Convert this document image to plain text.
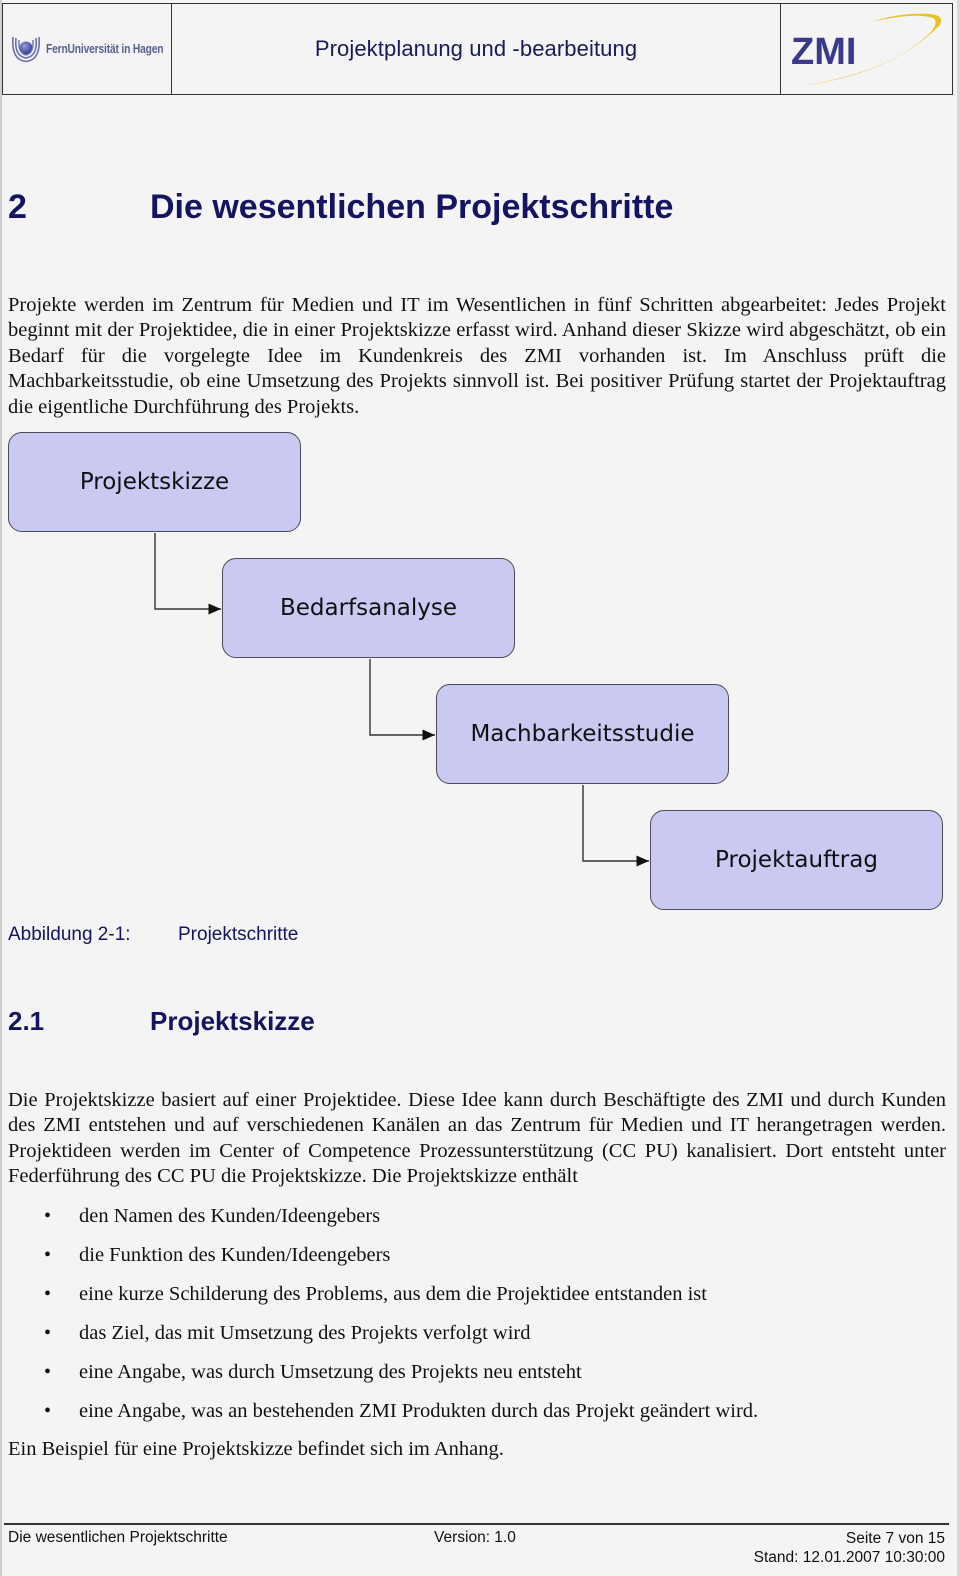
FernUniversität in Hagen	Projektplanung und -bearbeitung	ZMI
2	Die wesentlichen Projektschritte
Projekte werden im Zentrum für Medien und IT im Wesentlichen in fünf Schritten abgearbeitet: Jedes Projekt beginnt mit der Projektidee, die in einer Projektskizze erfasst wird. Anhand dieser Skizze wird abgeschätzt, ob ein Bedarf für die vorgelegte Idee im Kundenkreis des ZMI vorhanden ist. Im Anschluss prüft die Machbarkeitsstudie, ob eine Umsetzung des Projekts sinnvoll ist. Bei positiver Prüfung startet der Projektauftrag die eigentliche Durchführung des Projekts.
Projektskizze
Bedarfsanalyse
Machbarkeitsstudie
Projektauftrag
Abbildung 2-1:	Projektschritte
2.1	Projektskizze
Die Projektskizze basiert auf einer Projektidee. Diese Idee kann durch Beschäftigte des ZMI und durch Kunden des ZMI entstehen und auf verschiedenen Kanälen an das Zentrum für Medien und IT herangetragen werden. Projektideen werden im Center of Competence Prozessunterstützung (CC PU) kanalisiert. Dort entsteht unter Federführung des CC PU die Projektskizze. Die Projektskizze enthält
• den Namen des Kunden/Ideengebers
• die Funktion des Kunden/Ideengebers
• eine kurze Schilderung des Problems, aus dem die Projektidee entstanden ist
• das Ziel, das mit Umsetzung des Projekts verfolgt wird
• eine Angabe, was durch Umsetzung des Projekts neu entsteht
• eine Angabe, was an bestehenden ZMI Produkten durch das Projekt geändert wird.
Ein Beispiel für eine Projektskizze befindet sich im Anhang.
Die wesentlichen Projektschritte	Version: 1.0	Seite 7 von 15
Stand: 12.01.2007 10:30:00
